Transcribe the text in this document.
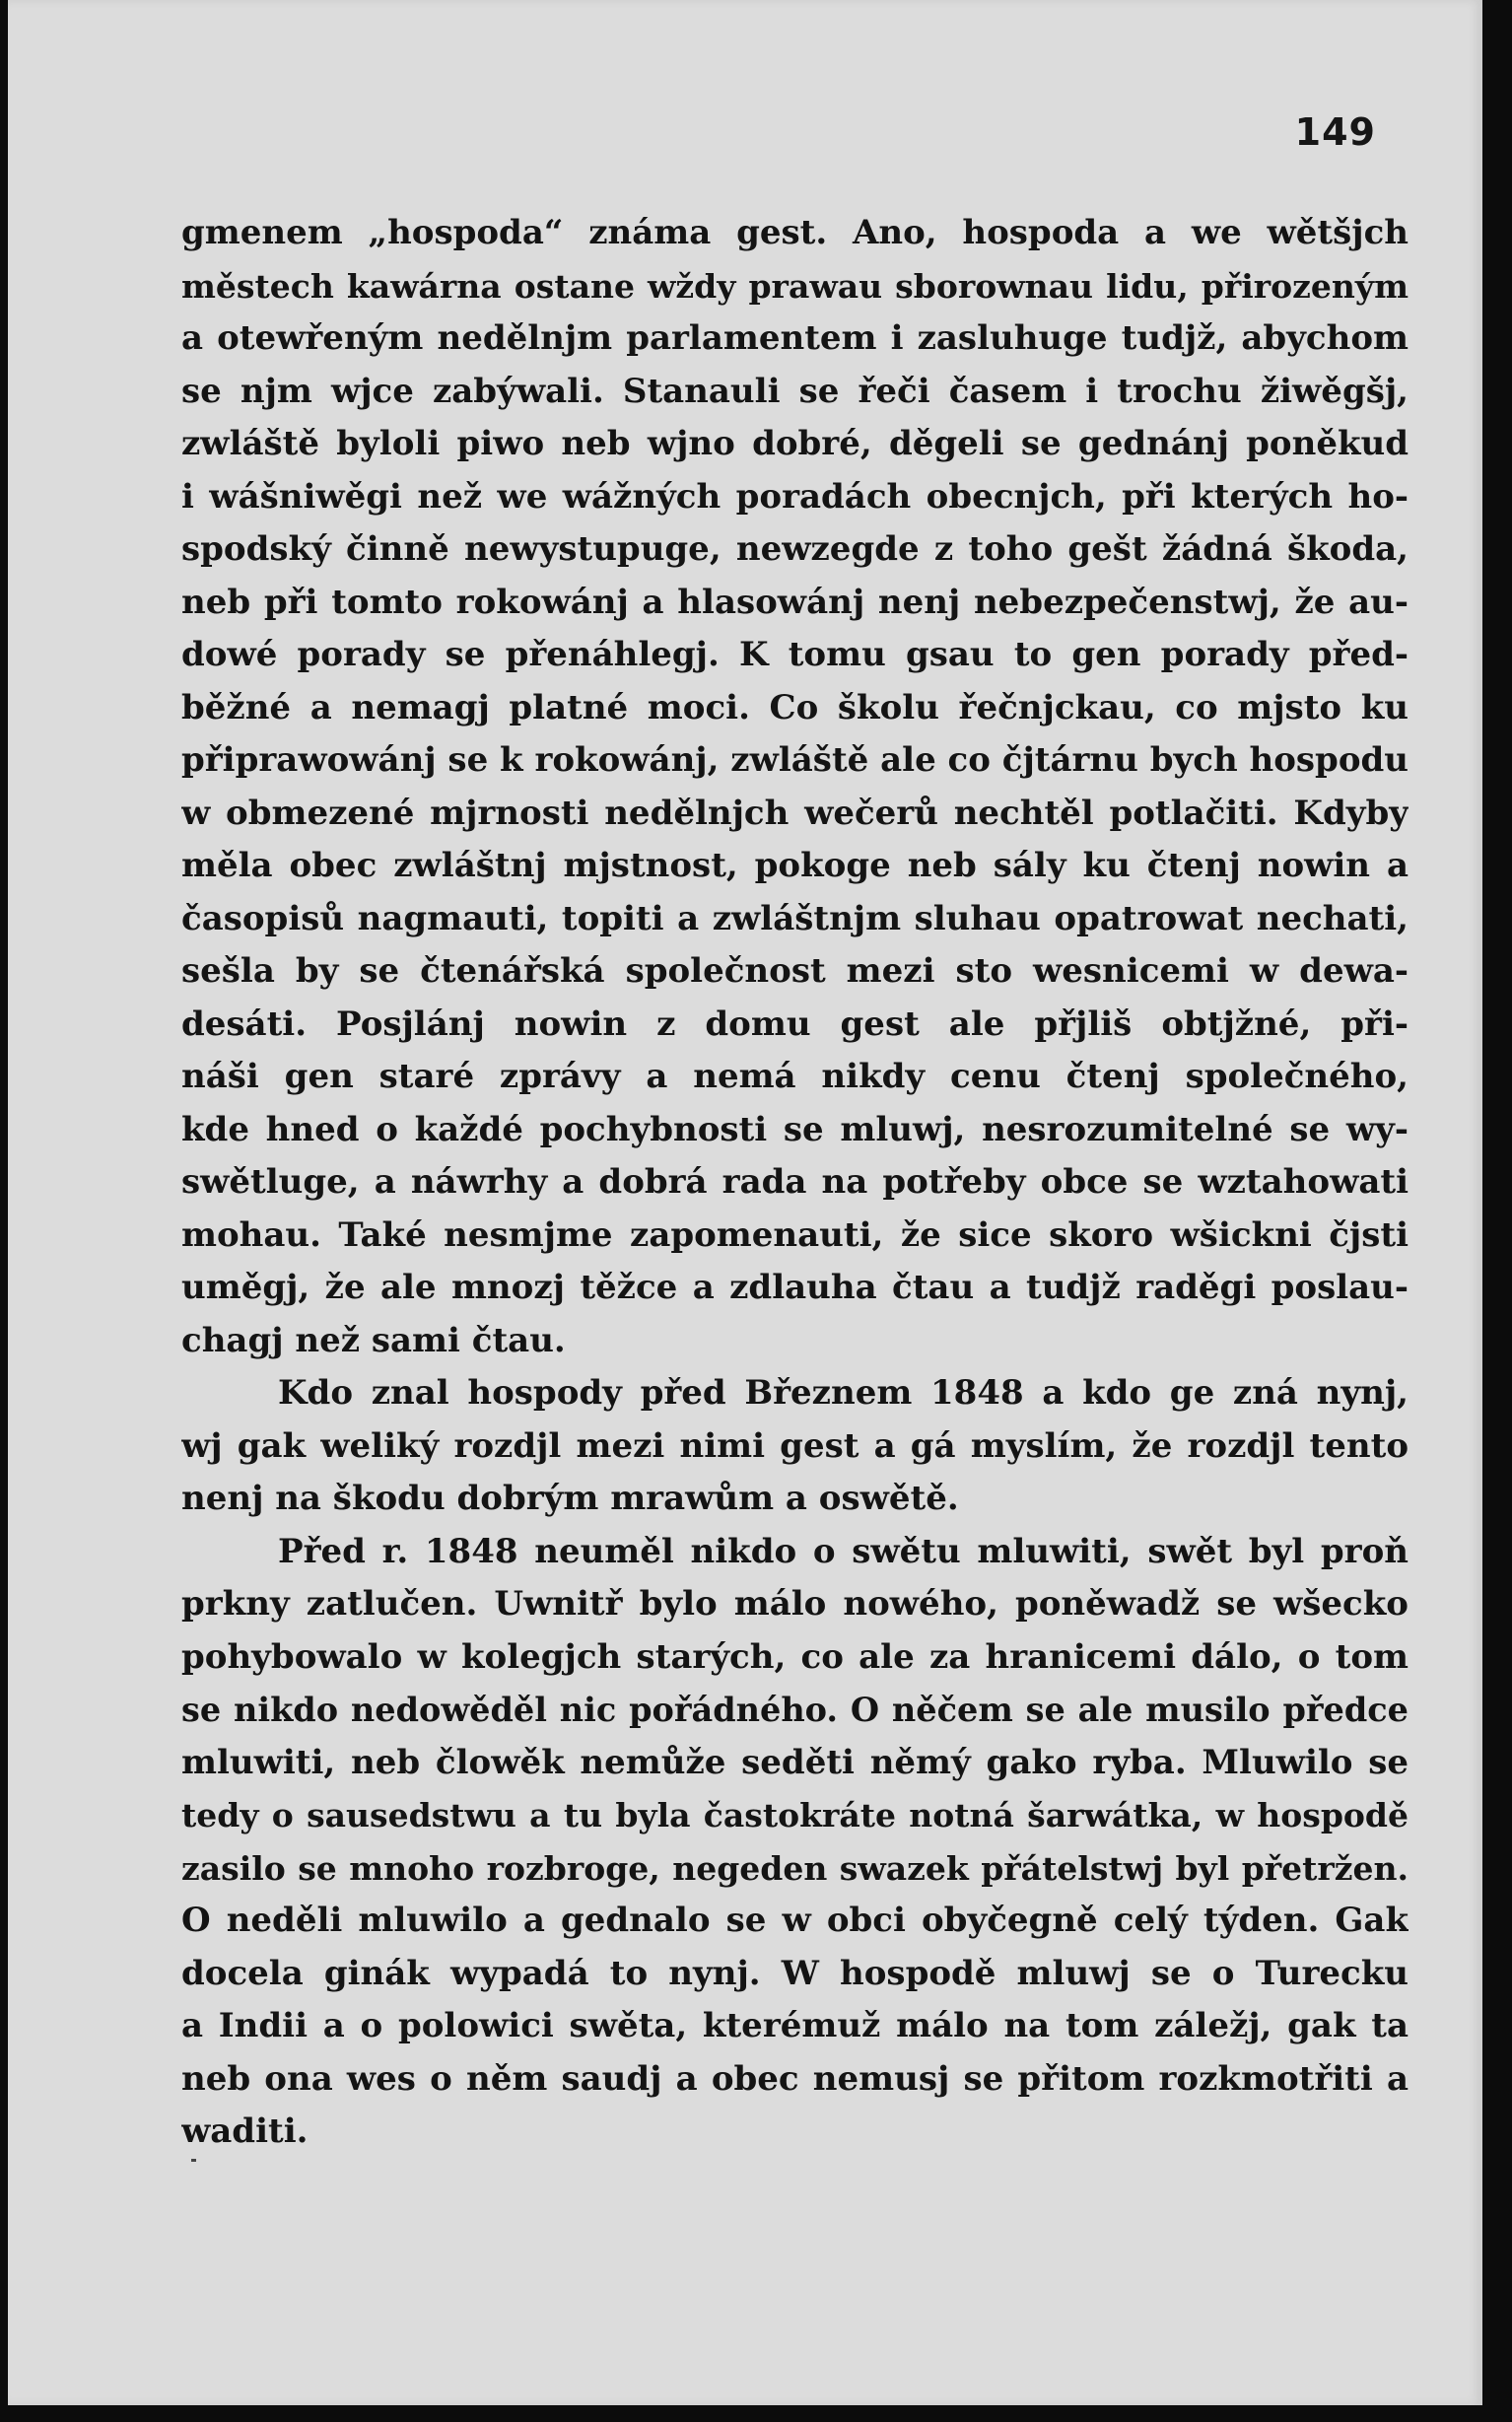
149
gmenem „hospoda“ známa gest. Ano, hospoda a we wětšjch
městech kawárna ostane wždy prawau sborownau lidu, přirozeným
a otewřeným nedělnjm parlamentem i zasluhuge tudjž, abychom
se njm wjce zabýwali. Stanauli se řeči časem i trochu žiwěgšj,
zwláště byloli piwo neb wjno dobré, děgeli se gednánj poněkud
i wášniwěgi než we wážných poradách obecnjch, při kterých ho-
spodský činně newystupuge, newzegde z toho gešt žádná škoda,
neb při tomto rokowánj a hlasowánj nenj nebezpečenstwj, že au-
dowé porady se přenáhlegj. K tomu gsau to gen porady před-
běžné a nemagj platné moci. Co školu řečnjckau, co mjsto ku
připrawowánj se k rokowánj, zwláště ale co čjtárnu bych hospodu
w obmezené mjrnosti nedělnjch wečerů nechtěl potlačiti. Kdyby
měla obec zwláštnj mjstnost, pokoge neb sály ku čtenj nowin a
časopisů nagmauti, topiti a zwláštnjm sluhau opatrowat nechati,
sešla by se čtenářská společnost mezi sto wesnicemi w dewa-
desáti. Posjlánj nowin z domu gest ale přjliš obtjžné, při-
náši gen staré zprávy a nemá nikdy cenu čtenj společného,
kde hned o každé pochybnosti se mluwj, nesrozumitelné se wy-
swětluge, a náwrhy a dobrá rada na potřeby obce se wztahowati
mohau. Také nesmjme zapomenauti, že sice skoro wšickni čjsti
uměgj, že ale mnozj těžce a zdlauha čtau a tudjž raděgi poslau-
chagj než sami čtau.
Kdo znal hospody před Březnem 1848 a kdo ge zná nynj,
wj gak weliký rozdjl mezi nimi gest a gá myslím, že rozdjl tento
nenj na škodu dobrým mrawům a oswětě.
Před r. 1848 neuměl nikdo o swětu mluwiti, swět byl proň
prkny zatlučen. Uwnitř bylo málo nowého, poněwadž se wšecko
pohybowalo w kolegjch starých, co ale za hranicemi dálo, o tom
se nikdo nedowěděl nic pořádného. O něčem se ale musilo předce
mluwiti, neb člowěk nemůže seděti němý gako ryba. Mluwilo se
tedy o sausedstwu a tu byla častokráte notná šarwátka, w hospodě
zasilo se mnoho rozbroge, negeden swazek přátelstwj byl přetržen.
O neděli mluwilo a gednalo se w obci obyčegně celý týden. Gak
docela ginák wypadá to nynj. W hospodě mluwj se o Turecku
a Indii a o polowici swěta, kterémuž málo na tom záležj, gak ta
neb ona wes o něm saudj a obec nemusj se přitom rozkmotřiti a
waditi.
